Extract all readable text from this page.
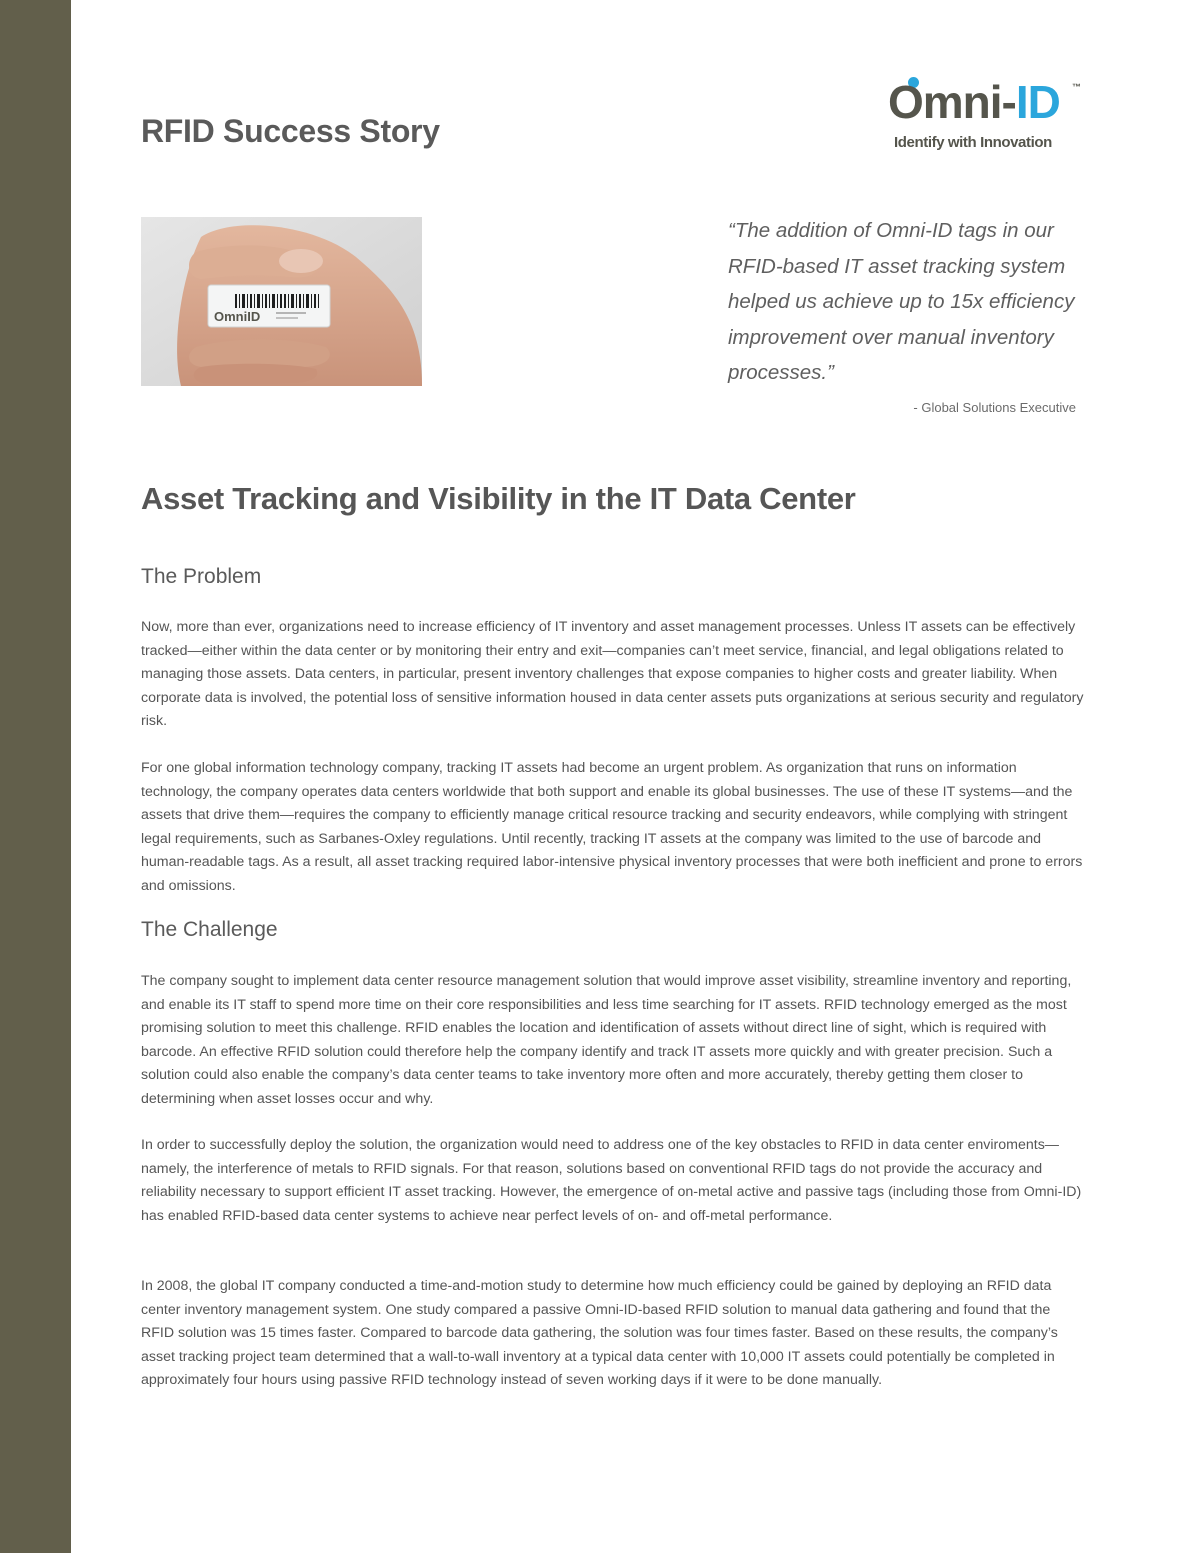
RFID Success Story
Omni-ID ™
Identify with Innovation
OmniID

“The addition of Omni-ID tags in our RFID-based IT asset tracking system helped us achieve up to 15x efficiency improvement over manual inventory processes.”

- Global Solutions Executive

Asset Tracking and Visibility in the IT Data Center
The Problem

Now, more than ever, organizations need to increase efficiency of IT inventory and asset management processes. Unless IT assets can be effectively tracked—either within the data center or by monitoring their entry and exit—companies can’t meet service, financial, and legal obligations related to managing those assets. Data centers, in particular, present inventory challenges that expose companies to higher costs and greater liability. When corporate data is involved, the potential loss of sensitive information housed in data center assets puts organizations at serious security and regulatory risk.

For one global information technology company, tracking IT assets had become an urgent problem. As organization that runs on information technology, the company operates data centers worldwide that both support and enable its global businesses. The use of these IT systems—and the assets that drive them—requires the company to efficiently manage critical resource tracking and security endeavors, while complying with stringent legal requirements, such as Sarbanes-Oxley regulations. Until recently, tracking IT assets at the company was limited to the use of barcode and human-readable tags. As a result, all asset tracking required labor-intensive physical inventory processes that were both inefficient and prone to errors and omissions.

The Challenge

The company sought to implement data center resource management solution that would improve asset visibility, streamline inventory and reporting, and enable its IT staff to spend more time on their core responsibilities and less time searching for IT assets. RFID technology emerged as the most promising solution to meet this challenge. RFID enables the location and identification of assets without direct line of sight, which is required with barcode. An effective RFID solution could therefore help the company identify and track IT assets more quickly and with greater precision. Such a solution could also enable the company’s data center teams to take inventory more often and more accurately, thereby getting them closer to determining when asset losses occur and why.

In order to successfully deploy the solution, the organization would need to address one of the key obstacles to RFID in data center enviroments—namely, the interference of metals to RFID signals. For that reason, solutions based on conventional RFID tags do not provide the accuracy and reliability necessary to support efficient IT asset tracking. However, the emergence of on-metal active and passive tags (including those from Omni-ID) has enabled RFID-based data center systems to achieve near perfect levels of on- and off-metal performance.

In 2008, the global IT company conducted a time-and-motion study to determine how much efficiency could be gained by deploying an RFID data center inventory management system. One study compared a passive Omni-ID-based RFID solution to manual data gathering and found that the RFID solution was 15 times faster. Compared to barcode data gathering, the solution was four times faster. Based on these results, the company’s asset tracking project team determined that a wall-to-wall inventory at a typical data center with 10,000 IT assets could potentially be completed in approximately four hours using passive RFID technology instead of seven working days if it were to be done manually.
